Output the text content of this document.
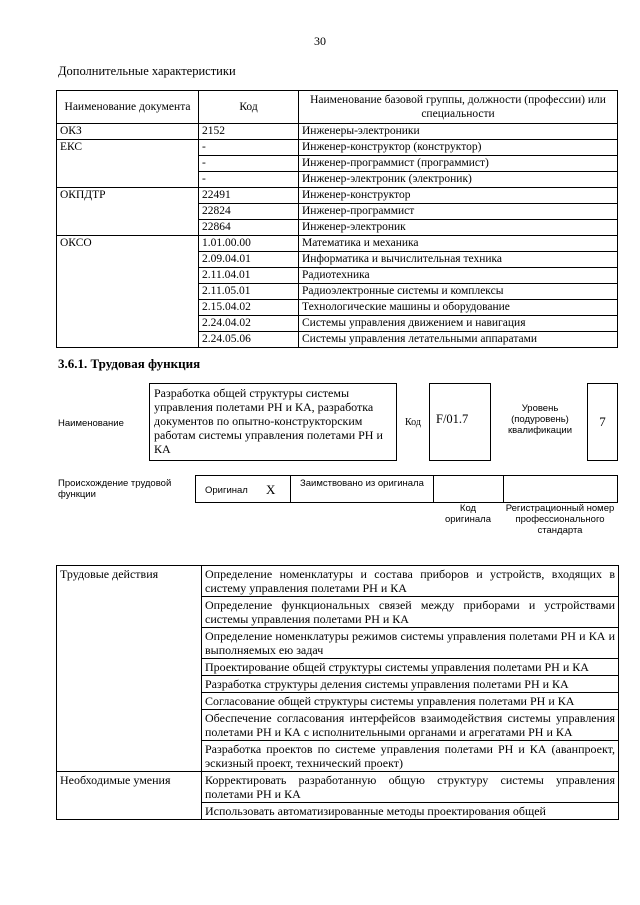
30
Дополнительные характеристики
Наименование документа	Код	Наименование базовой группы, должности (профессии) или специальности
ОКЗ	2152	Инженеры-электроники
ЕКС	-	Инженер-конструктор (конструктор)
	-	Инженер-программист (программист)
	-	Инженер-электроник (электроник)
ОКПДТР	22491	Инженер-конструктор
	22824	Инженер-программист
	22864	Инженер-электроник
ОКСО	1.01.00.00	Математика и механика
	2.09.04.01	Информатика и вычислительная техника
	2.11.04.01	Радиотехника
	2.11.05.01	Радиоэлектронные системы и комплексы
	2.15.04.02	Технологические машины и оборудование
	2.24.04.02	Системы управления движением и навигация
	2.24.05.06	Системы управления летательными аппаратами
3.6.1. Трудовая функция
Наименование
Разработка общей структуры системы управления полетами РН и КА, разработка документов по опытно-конструкторским работам системы управления полетами РН и КА
Код	F/01.7
Уровень (подуровень) квалификации
7
Происхождение трудовой функции	Оригинал X	Заимствовано из оригинала
Код оригинала
Регистрационный номер профессионального стандарта
Трудовые действия	Определение номенклатуры и состава приборов и устройств, входящих в систему управления полетами РН и КА
	Определение функциональных связей между приборами и устройствами системы управления полетами РН и КА
	Определение номенклатуры режимов системы управления полетами РН и КА и выполняемых ею задач
	Проектирование общей структуры системы управления полетами РН и КА
	Разработка структуры деления системы управления полетами РН и КА
	Согласование общей структуры системы управления полетами РН и КА
	Обеспечение согласования интерфейсов взаимодействия системы управления полетами РН и КА с исполнительными органами и агрегатами РН и КА
	Разработка проектов по системе управления полетами РН и КА (аванпроект, эскизный проект, технический проект)
Необходимые умения	Корректировать разработанную общую структуру системы управления полетами РН и КА
	Использовать автоматизированные методы проектирования общей
